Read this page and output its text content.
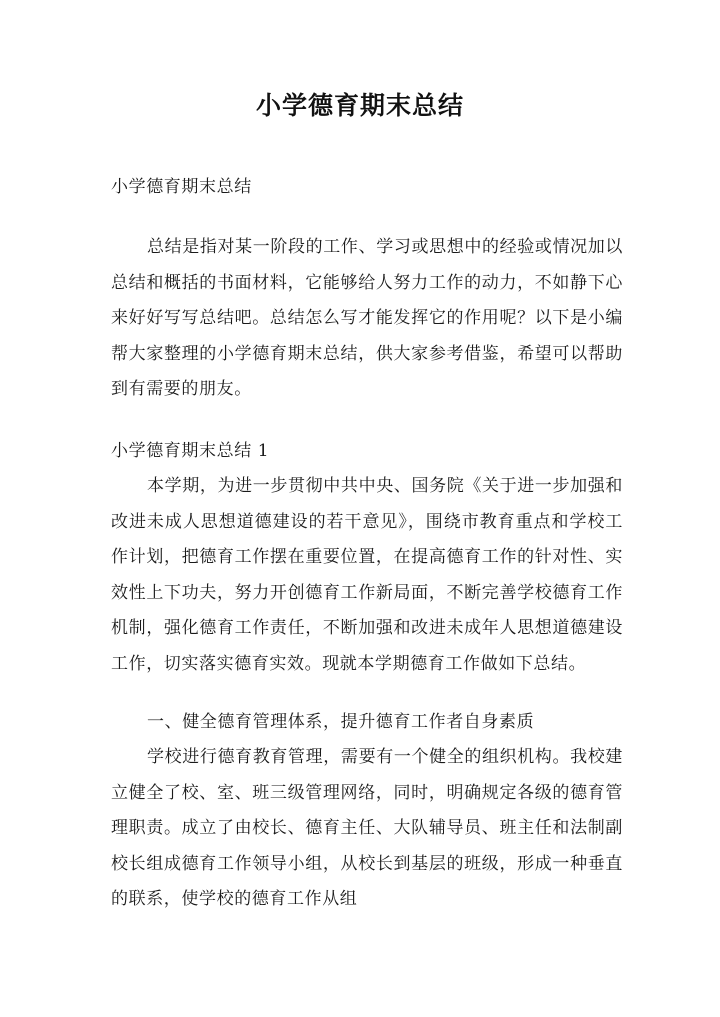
小学德育期末总结

小学德育期末总结

总结是指对某一阶段的工作、学习或思想中的经验或情况加以总结和概括的书面材料，它能够给人努力工作的动力，不如静下心来好好写写总结吧。总结怎么写才能发挥它的作用呢？以下是小编帮大家整理的小学德育期末总结，供大家参考借鉴，希望可以帮助到有需要的朋友。

小学德育期末总结 1

本学期，为进一步贯彻中共中央、国务院《关于进一步加强和改进未成人思想道德建设的若干意见》，围绕市教育重点和学校工作计划，把德育工作摆在重要位置，在提高德育工作的针对性、实效性上下功夫，努力开创德育工作新局面，不断完善学校德育工作机制，强化德育工作责任，不断加强和改进未成年人思想道德建设工作，切实落实德育实效。现就本学期德育工作做如下总结。

一、健全德育管理体系，提升德育工作者自身素质

学校进行德育教育管理，需要有一个健全的组织机构。我校建立健全了校、室、班三级管理网络，同时，明确规定各级的德育管理职责。成立了由校长、德育主任、大队辅导员、班主任和法制副校长组成德育工作领导小组，从校长到基层的班级，形成一种垂直的联系，使学校的德育工作从组
